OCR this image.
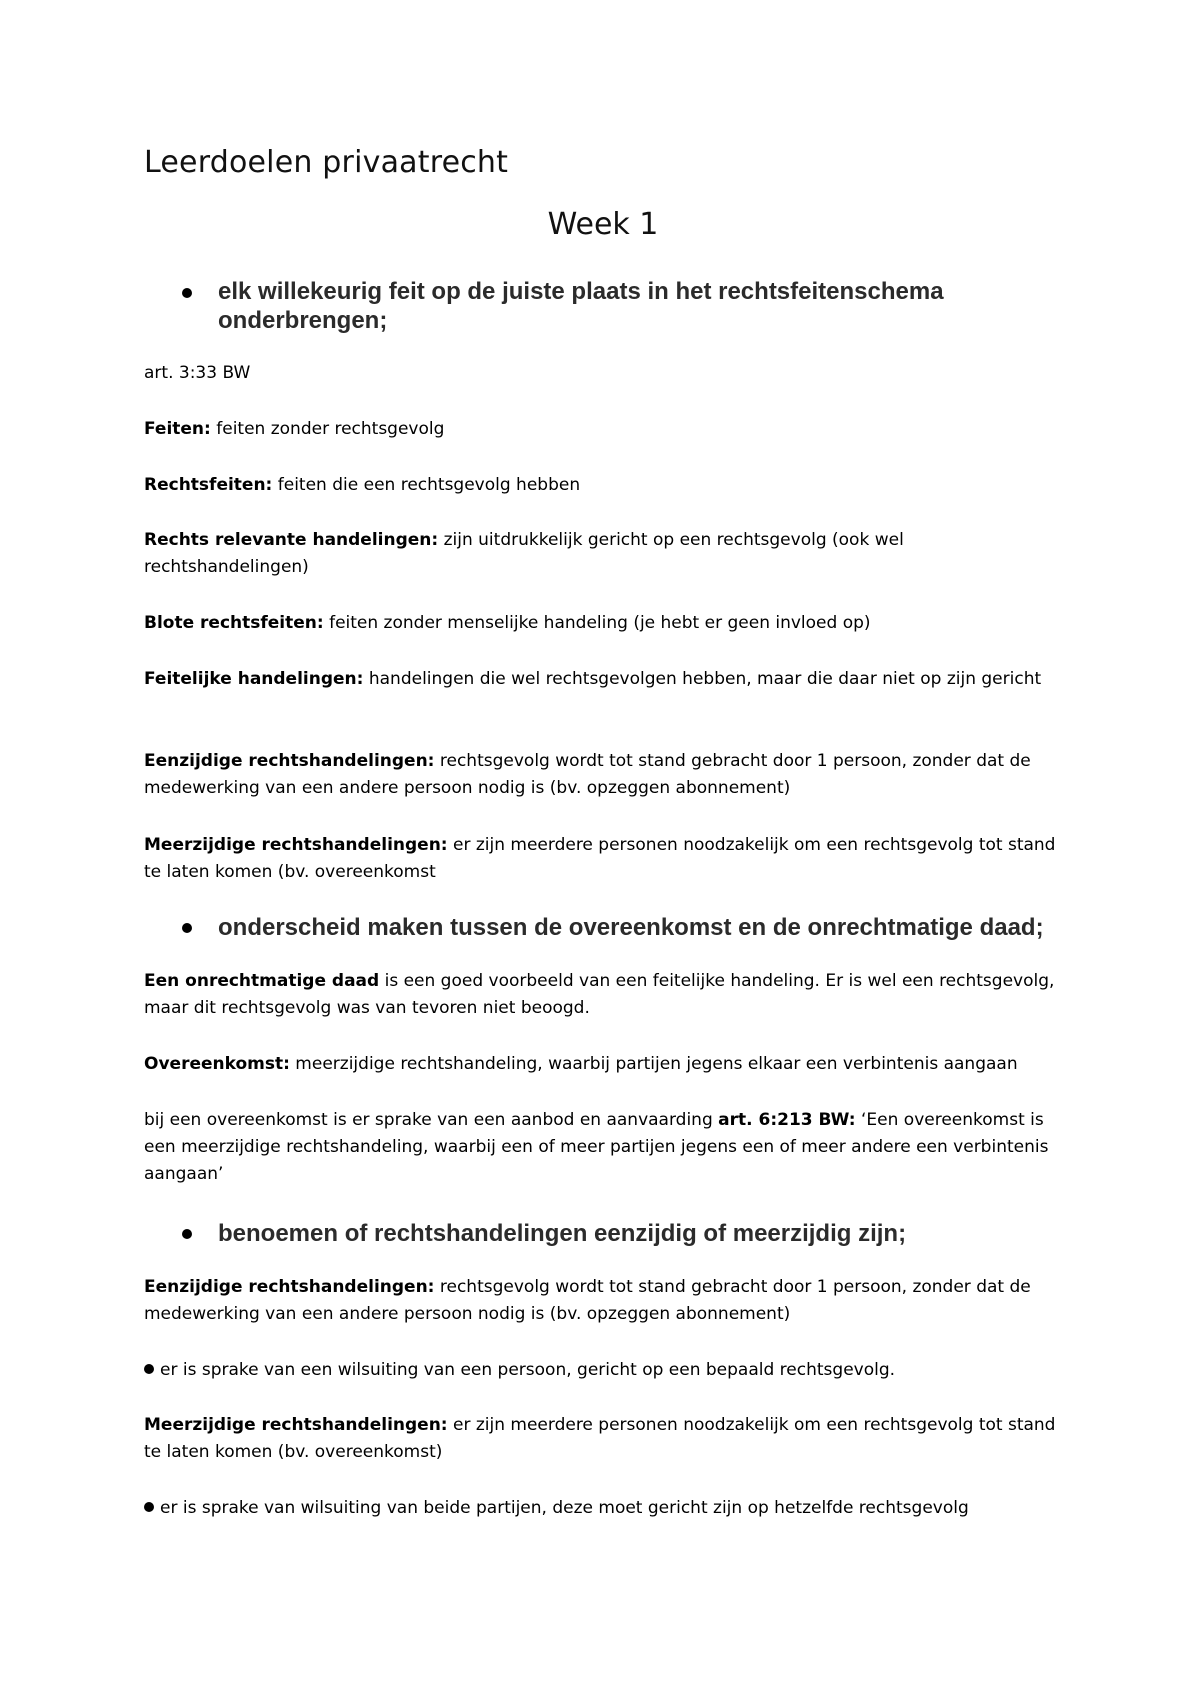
Leerdoelen privaatrecht
Week 1
elk willekeurig feit op de juiste plaats in het rechtsfeitenschema onderbrengen;
art. 3:33 BW
Feiten: feiten zonder rechtsgevolg
Rechtsfeiten: feiten die een rechtsgevolg hebben
Rechts relevante handelingen: zijn uitdrukkelijk gericht op een rechtsgevolg (ook wel rechtshandelingen)
Blote rechtsfeiten: feiten zonder menselijke handeling (je hebt er geen invloed op)
Feitelijke handelingen: handelingen die wel rechtsgevolgen hebben, maar die daar niet op zijn gericht
Eenzijdige rechtshandelingen: rechtsgevolg wordt tot stand gebracht door 1 persoon, zonder dat de medewerking van een andere persoon nodig is (bv. opzeggen abonnement)
Meerzijdige rechtshandelingen: er zijn meerdere personen noodzakelijk om een rechtsgevolg tot stand te laten komen (bv. overeenkomst
onderscheid maken tussen de overeenkomst en de onrechtmatige daad;
Een onrechtmatige daad is een goed voorbeeld van een feitelijke handeling. Er is wel een rechtsgevolg, maar dit rechtsgevolg was van tevoren niet beoogd.
Overeenkomst: meerzijdige rechtshandeling, waarbij partijen jegens elkaar een verbintenis aangaan
bij een overeenkomst is er sprake van een aanbod en aanvaarding art. 6:213 BW: ‘Een overeenkomst is een meerzijdige rechtshandeling, waarbij een of meer partijen jegens een of meer andere een verbintenis aangaan’
benoemen of rechtshandelingen eenzijdig of meerzijdig zijn;
Eenzijdige rechtshandelingen: rechtsgevolg wordt tot stand gebracht door 1 persoon, zonder dat de medewerking van een andere persoon nodig is (bv. opzeggen abonnement)
er is sprake van een wilsuiting van een persoon, gericht op een bepaald rechtsgevolg.
Meerzijdige rechtshandelingen: er zijn meerdere personen noodzakelijk om een rechtsgevolg tot stand te laten komen (bv. overeenkomst)
er is sprake van wilsuiting van beide partijen, deze moet gericht zijn op hetzelfde rechtsgevolg
